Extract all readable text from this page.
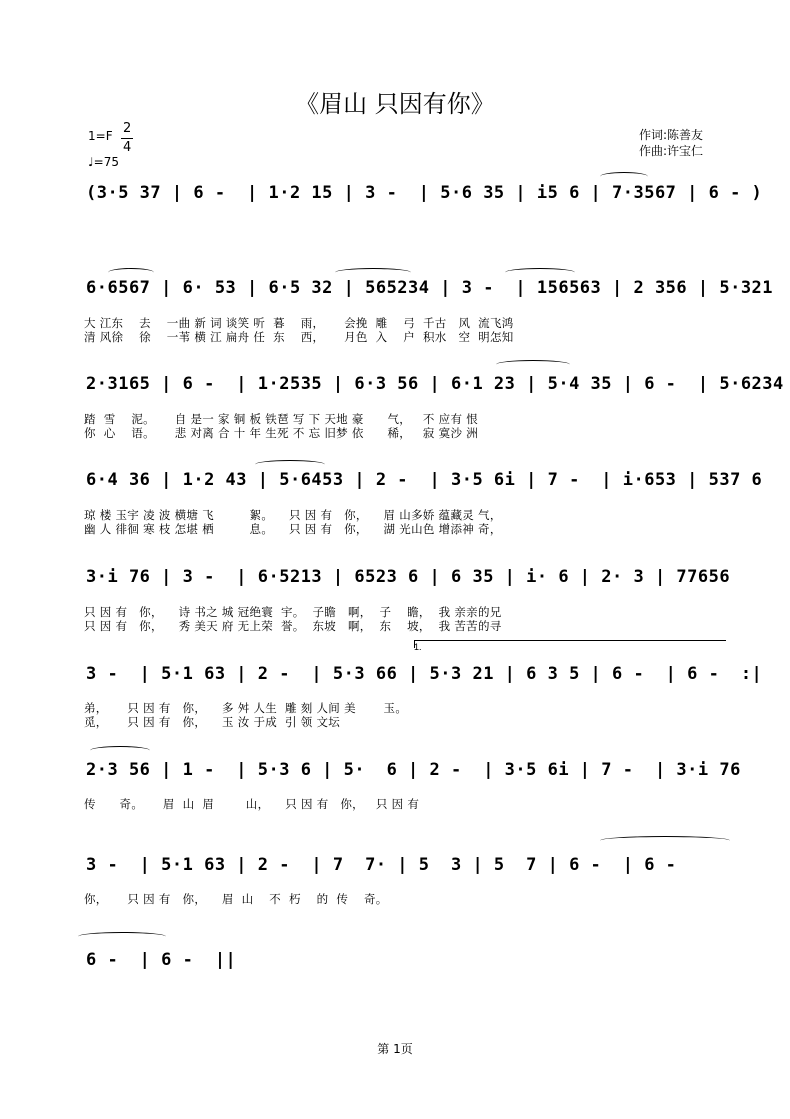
《眉山 只因有你》
1=F 2
4
♩=75
作词:陈善友
作曲:许宝仁
(3·5 37 | 6 -  | 1·2 15 | 3 -  | 5·6 35 | i5 6 | 7·3567 | 6 - )
6·6567 | 6· 53 | 6·5 32 | 565234 | 3 -  | 156563 | 2 356 | 5·321
大 江东    去    一曲 新 词 谈笑 听  暮    雨，     会挽  雕    弓  千古   风  流飞鸿
清 风徐    徐    一苇 横 江 扁舟 任  东    西，     月色  入    户  积水   空  明怎知
2·3165 | 6 -  | 1·2535 | 6·3 56 | 6·1 23 | 5·4 35 | 6 -  | 5·6234
踏  雪    泥。     自 是一 家 铜 板 铁琶 写 下 天地 豪      气，   不 应有 恨
你  心    语。     悲 对离 合 十 年 生死 不 忘 旧梦 依      稀，   寂 寞沙 洲
6·4 36 | 1·2 43 | 5·6453 | 2 -  | 3·5 6i | 7 -  | i·653 | 537 6
琼 楼 玉宇 凌 波 横塘 飞         絮。    只 因 有   你，    眉 山多娇 蕴藏灵 气，
幽 人 徘徊 寒 枝 怎堪 栖         息。    只 因 有   你，    湖 光山色 增添神 奇，
3·i 76 | 3 -  | 6·5213 | 6523 6 | 6 35 | i· 6 | 2· 3 | 77656
只 因 有   你，    诗 书之 城 冠绝寰  宇。  子瞻   啊，  子    瞻，  我 亲亲的兄
只 因 有   你，    秀 美天 府 无上荣  誉。  东坡   啊，  东    坡，  我 苦苦的寻
1.
3 -  | 5·1 63 | 2 -  | 5·3 66 | 5·3 21 | 6 3 5 | 6 -  | 6 -  :|
弟，     只 因 有   你，    多 舛 人生  雕 刻 人间 美       玉。
觅，     只 因 有   你，    玉 汝 于成  引 领 文坛
2·3 56 | 1 -  | 5·3 6 | 5·  6 | 2 -  | 3·5 6i | 7 -  | 3·i 76
传      奇。     眉  山  眉        山，    只 因 有   你，   只 因 有
3 -  | 5·1 63 | 2 -  | 7  7· | 5  3 | 5  7 | 6 -  | 6 -
你，     只 因 有   你，    眉  山    不  朽    的  传    奇。
6 -  | 6 -  ||
第 1页
